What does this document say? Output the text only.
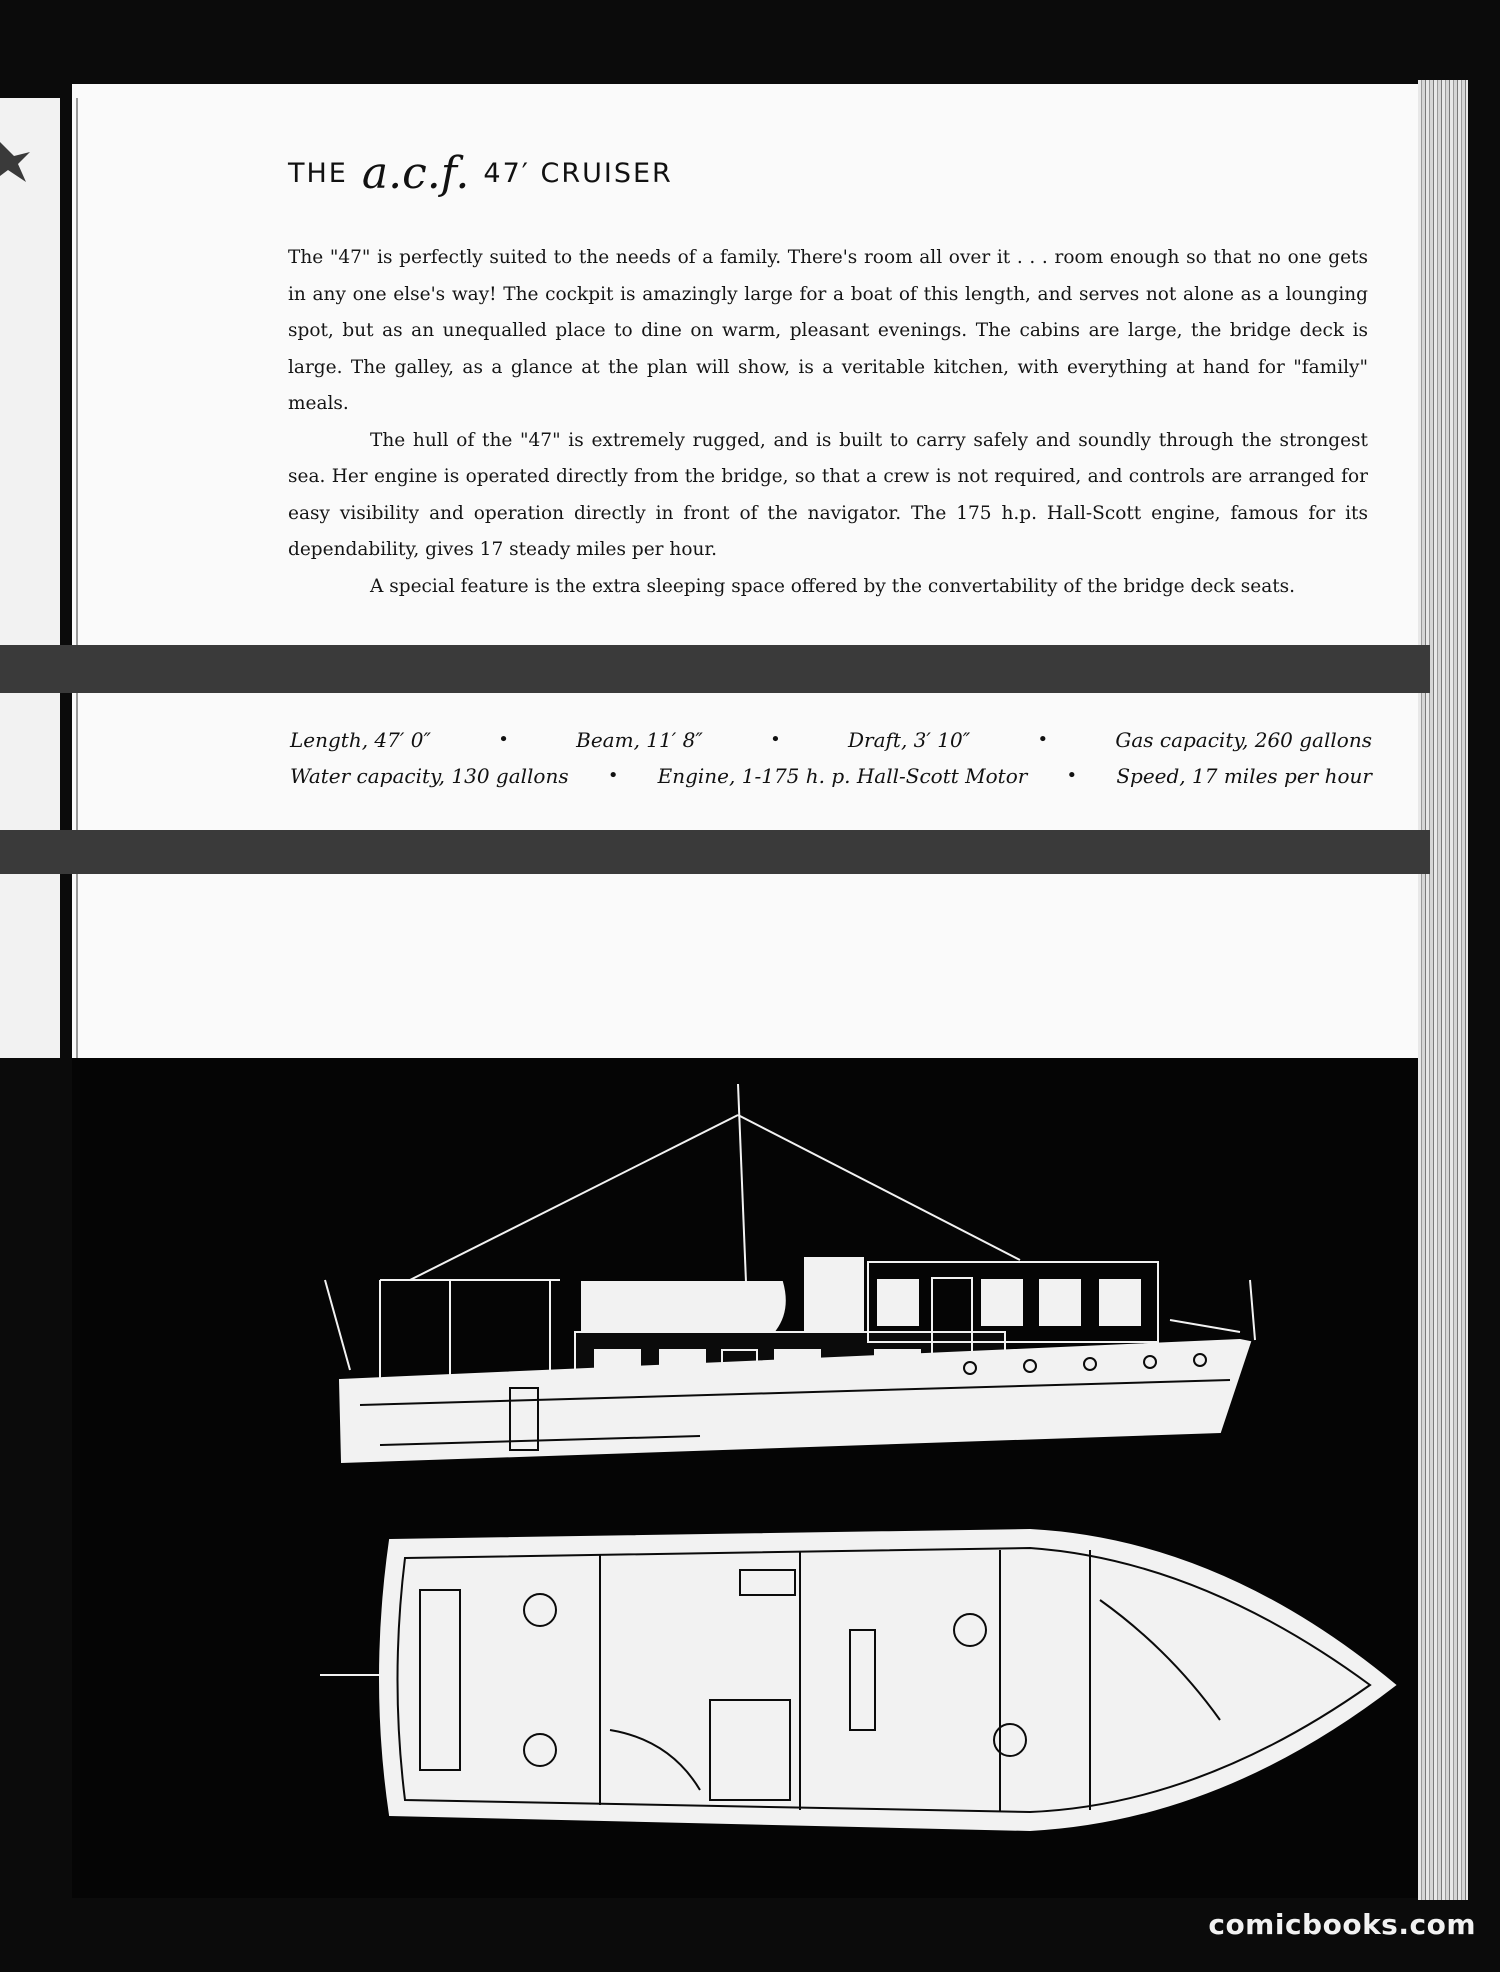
THE a.c.f. 47′ CRUISER

The "47" is perfectly suited to the needs of a family. There's room all over it . . . room enough so that no one gets in any one else's way! The cockpit is amazingly large for a boat of this length, and serves not alone as a lounging spot, but as an unequalled place to dine on warm, pleasant evenings. The cabins are large, the bridge deck is large. The galley, as a glance at the plan will show, is a veritable kitchen, with everything at hand for "family" meals.

The hull of the "47" is extremely rugged, and is built to carry safely and soundly through the strongest sea. Her engine is operated directly from the bridge, so that a crew is not required, and controls are arranged for easy visibility and operation directly in front of the navigator. The 175 h.p. Hall-Scott engine, famous for its dependability, gives 17 steady miles per hour.

A special feature is the extra sleeping space offered by the convertability of the bridge deck seats.

Length, 47′ 0″	•	Beam, 11′ 8″	•	Draft, 3′ 10″	•	Gas capacity, 260 gallons
Water capacity, 130 gallons • Engine, 1-175 h. p. Hall-Scott Motor • Speed, 17 miles per hour
comicbooks.com
